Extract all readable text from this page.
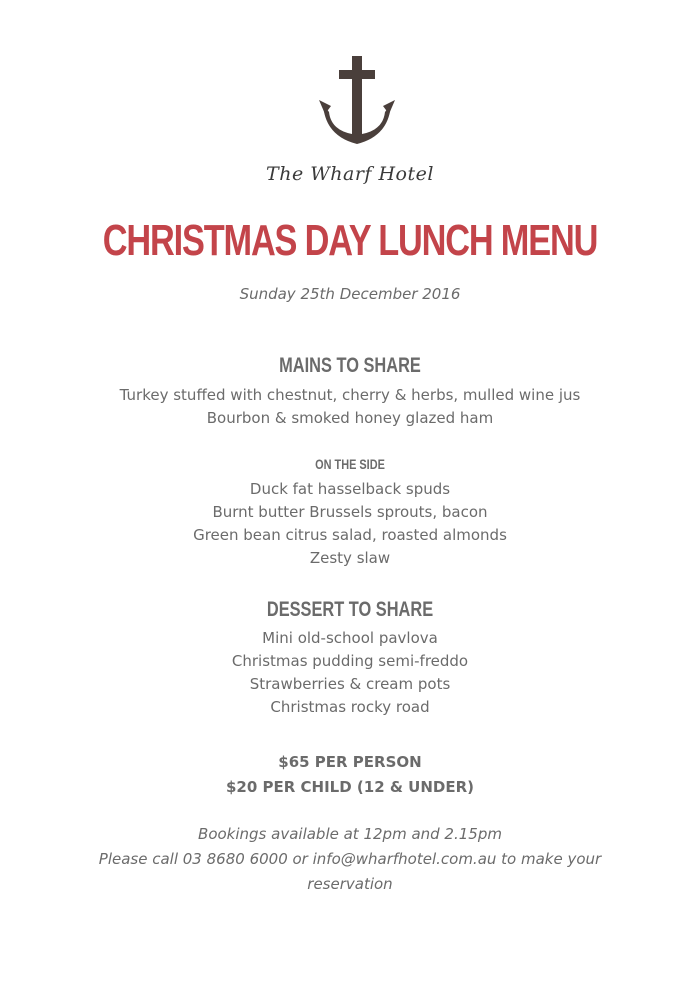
The Wharf Hotel
CHRISTMAS DAY LUNCH MENU
Sunday 25th December 2016
MAINS TO SHARE
Turkey stuffed with chestnut, cherry & herbs, mulled wine jus
Bourbon & smoked honey glazed ham
ON THE SIDE
Duck fat hasselback spuds
Burnt butter Brussels sprouts, bacon
Green bean citrus salad, roasted almonds
Zesty slaw
DESSERT TO SHARE
Mini old-school pavlova
Christmas pudding semi-freddo
Strawberries & cream pots
Christmas rocky road
$65 PER PERSON
$20 PER CHILD (12 & UNDER)
Bookings available at 12pm and 2.15pm
Please call 03 8680 6000 or info@wharfhotel.com.au to make your
reservation
